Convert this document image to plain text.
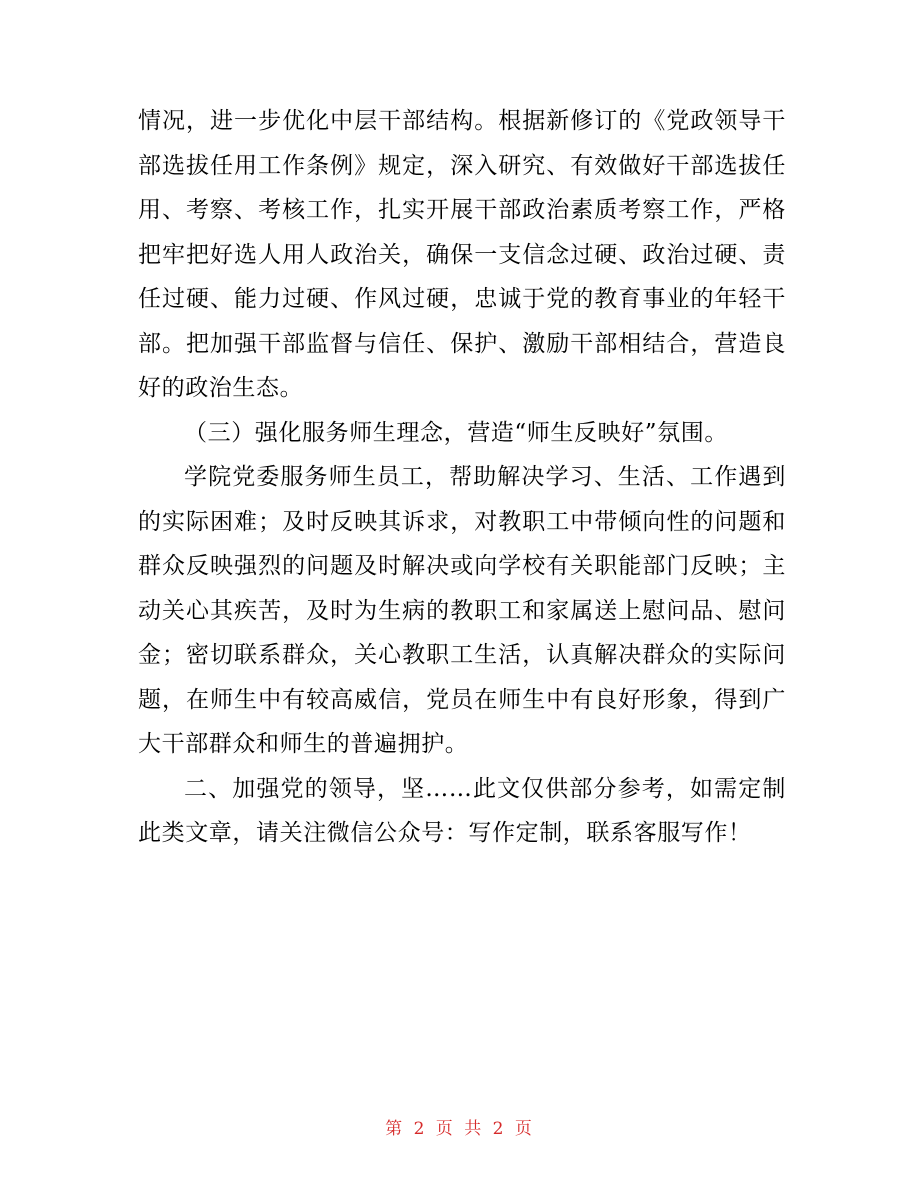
情况，进一步优化中层干部结构。根据新修订的《党政领导干部选拔任用工作条例》规定，深入研究、有效做好干部选拔任用、考察、考核工作，扎实开展干部政治素质考察工作，严格把牢把好选人用人政治关，确保一支信念过硬、政治过硬、责任过硬、能力过硬、作风过硬，忠诚于党的教育事业的年轻干部。把加强干部监督与信任、保护、激励干部相结合，营造良好的政治生态。

（三）强化服务师生理念，营造“师生反映好”氛围。

学院党委服务师生员工，帮助解决学习、生活、工作遇到的实际困难；及时反映其诉求，对教职工中带倾向性的问题和群众反映强烈的问题及时解决或向学校有关职能部门反映；主动关心其疾苦，及时为生病的教职工和家属送上慰问品、慰问金；密切联系群众，关心教职工生活，认真解决群众的实际问题，在师生中有较高威信，党员在师生中有良好形象，得到广大干部群众和师生的普遍拥护。

二、加强党的领导，坚……此文仅供部分参考，如需定制此类文章，请关注微信公众号：写作定制，联系客服写作！

第 2 页 共 2 页
